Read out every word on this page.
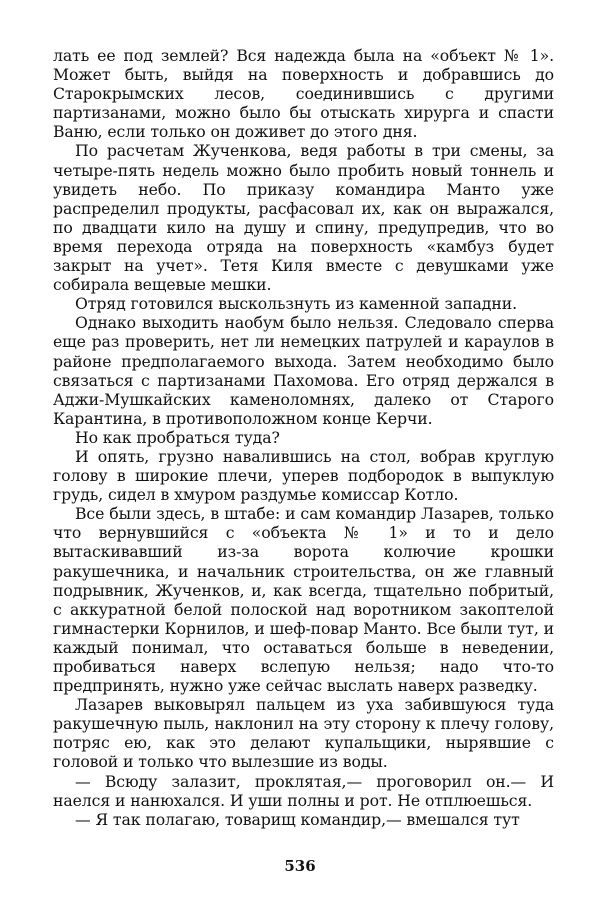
лать ее под землей? Вся надежда была на «объект № 1». Может быть, выйдя на поверхность и добравшись до Старокрымских лесов, соединившись с другими партизанами, можно было бы отыскать хирурга и спасти Ваню, если только он доживет до этого дня.

По расчетам Жученкова, ведя работы в три смены, за четыре-пять недель можно было пробить новый тоннель и увидеть небо. По приказу командира Манто уже распределил продукты, расфасовал их, как он выражался, по двадцати кило на душу и спину, предупредив, что во время перехода отряда на поверхность «камбуз будет закрыт на учет». Тетя Киля вместе с девушками уже собирала вещевые мешки.

Отряд готовился выскользнуть из каменной западни.

Однако выходить наобум было нельзя. Следовало сперва еще раз проверить, нет ли немецких патрулей и караулов в районе предполагаемого выхода. Затем необходимо было связаться с партизанами Пахомова. Его отряд держался в Аджи-Мушкайских каменоломнях, далеко от Старого Карантина, в противоположном конце Керчи.

Но как пробраться туда?

И опять, грузно навалившись на стол, вобрав круглую голову в широкие плечи, уперев подбородок в выпуклую грудь, сидел в хмуром раздумье комиссар Котло.

Все были здесь, в штабе: и сам командир Лазарев, только что вернувшийся с «объекта № 1» и то и дело вытаскивавший из-за ворота колючие крошки ракушечника, и начальник строительства, он же главный подрывник, Жученков, и, как всегда, тщательно побритый, с аккуратной белой полоской над воротником закоптелой гимнастерки Корнилов, и шеф-повар Манто. Все были тут, и каждый понимал, что оставаться больше в неведении, пробиваться наверх вслепую нельзя; надо что-то предпринять, нужно уже сейчас выслать наверх разведку.

Лазарев выковырял пальцем из уха забившуюся туда ракушечную пыль, наклонил на эту сторону к плечу голову, потряс ею, как это делают купальщики, нырявшие с головой и только что вылезшие из воды.

— Всюду залазит, проклятая,— проговорил он.— И наелся и нанюхался. И уши полны и рот. Не отплюешься.

— Я так полагаю, товарищ командир,— вмешался тут

536
